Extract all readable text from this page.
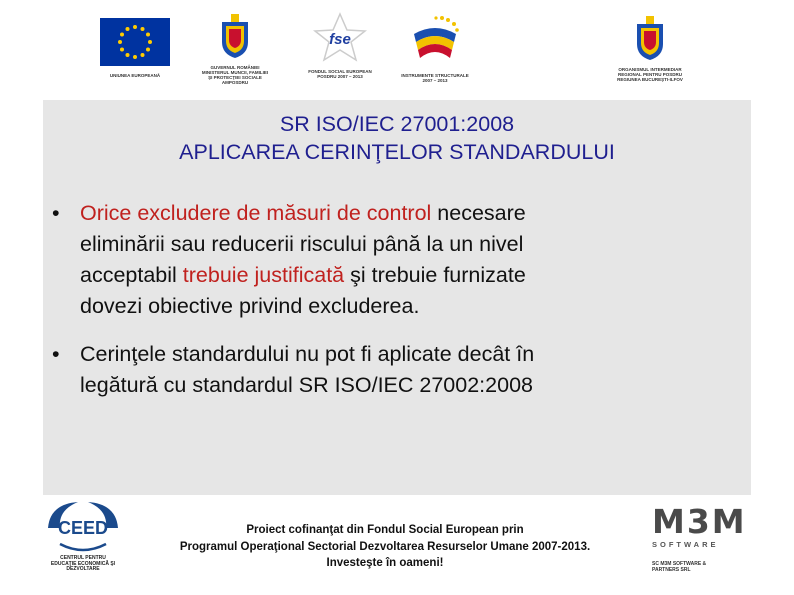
UNIUNEA EUROPEANĂ
GUVERNUL ROMÂNIEI
MINISTERUL MUNCII, FAMILIEI
ŞI PROTECŢIEI SOCIALE
AMPOSDRU
fse
FONDUL SOCIAL EUROPEAN
POSDRU 2007 – 2013	INSTRUMENTE STRUCTURALE
2007 – 2013
ORGANISMUL INTERMEDIAR
REGIONAL PENTRU POSDRU
REGIUNEA BUCUREŞTI-ILFOV
SR ISO/IEC 27001:2008
APLICAREA CERINŢELOR STANDARDULUI
• Orice excludere de măsuri de control necesare
eliminării sau reducerii riscului până la un nivel
acceptabil trebuie justificată şi trebuie furnizate
dovezi obiective privind excluderea.
• Cerinţele standardului nu pot fi aplicate decât în
legătură cu standardul SR ISO/IEC 27002:2008
CEED
CENTRUL PENTRU
EDUCAŢIE ECONOMICĂ ŞI
DEZVOLTARE
Proiect cofinanţat din Fondul Social European prin
Programul Operaţional Sectorial Dezvoltarea Resurselor Umane 2007-2013.
Investeşte în oameni!
M3M
SOFTWARE
SC M3M SOFTWARE &
PARTNERS SRL
